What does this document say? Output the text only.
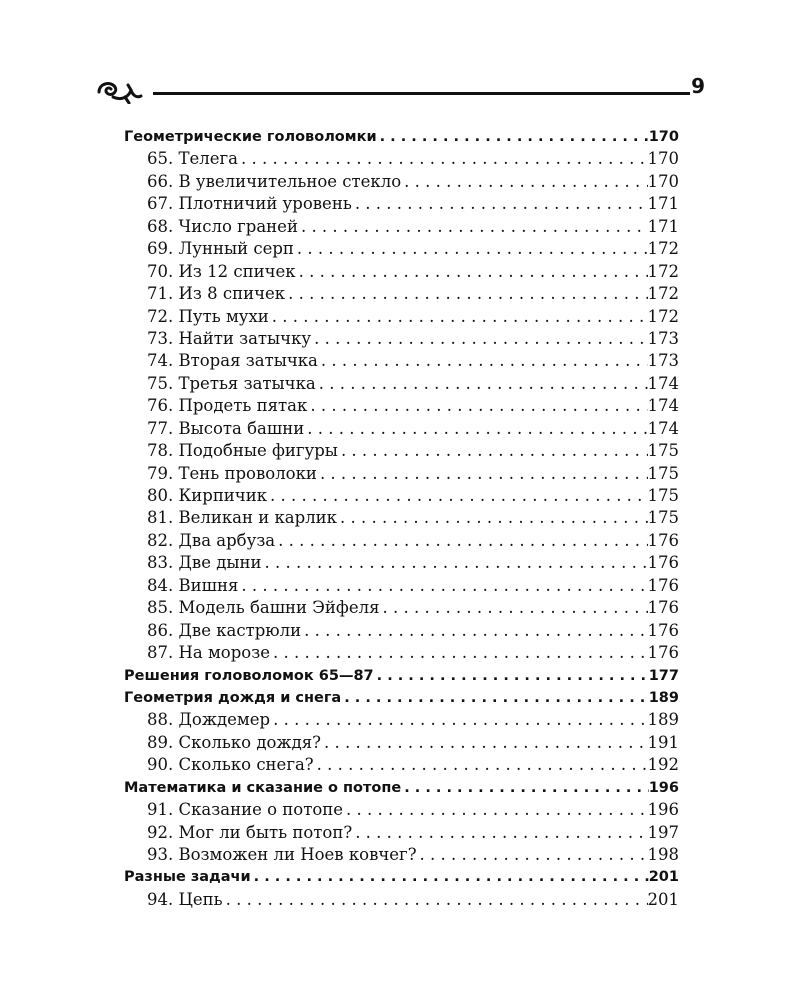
9
Геометрические головоломки . . .	170
65. Телега . . .	170
66. В увеличительное стекло . . .	170
67. Плотничий уровень . . .	171
68. Число граней . . .	171
69. Лунный серп . . .	172
70. Из 12 спичек . . .	172
71. Из 8 спичек . . .	172
72. Путь мухи . . .	172
73. Найти затычку . . .	173
74. Вторая затычка . . .	173
75. Третья затычка . . .	174
76. Продеть пятак . . .	174
77. Высота башни . . .	174
78. Подобные фигуры . . .	175
79. Тень проволоки . . .	175
80. Кирпичик . . .	175
81. Великан и карлик . . .	175
82. Два арбуза . . .	176
83. Две дыни . . .	176
84. Вишня . . .	176
85. Модель башни Эйфеля . . .	176
86. Две кастрюли . . .	176
87. На морозе . . .	176
Решения головоломок 65—87 . . .	177
Геометрия дождя и снега . . .	189
88. Дождемер . . .	189
89. Сколько дождя? . . .	191
90. Сколько снега? . . .	192
Математика и сказание о потопе . . .	196
91. Сказание о потопе . . .	196
92. Мог ли быть потоп? . . .	197
93. Возможен ли Ноев ковчег? . . .	198
Разные задачи . . .	201
94. Цепь . . .	201
